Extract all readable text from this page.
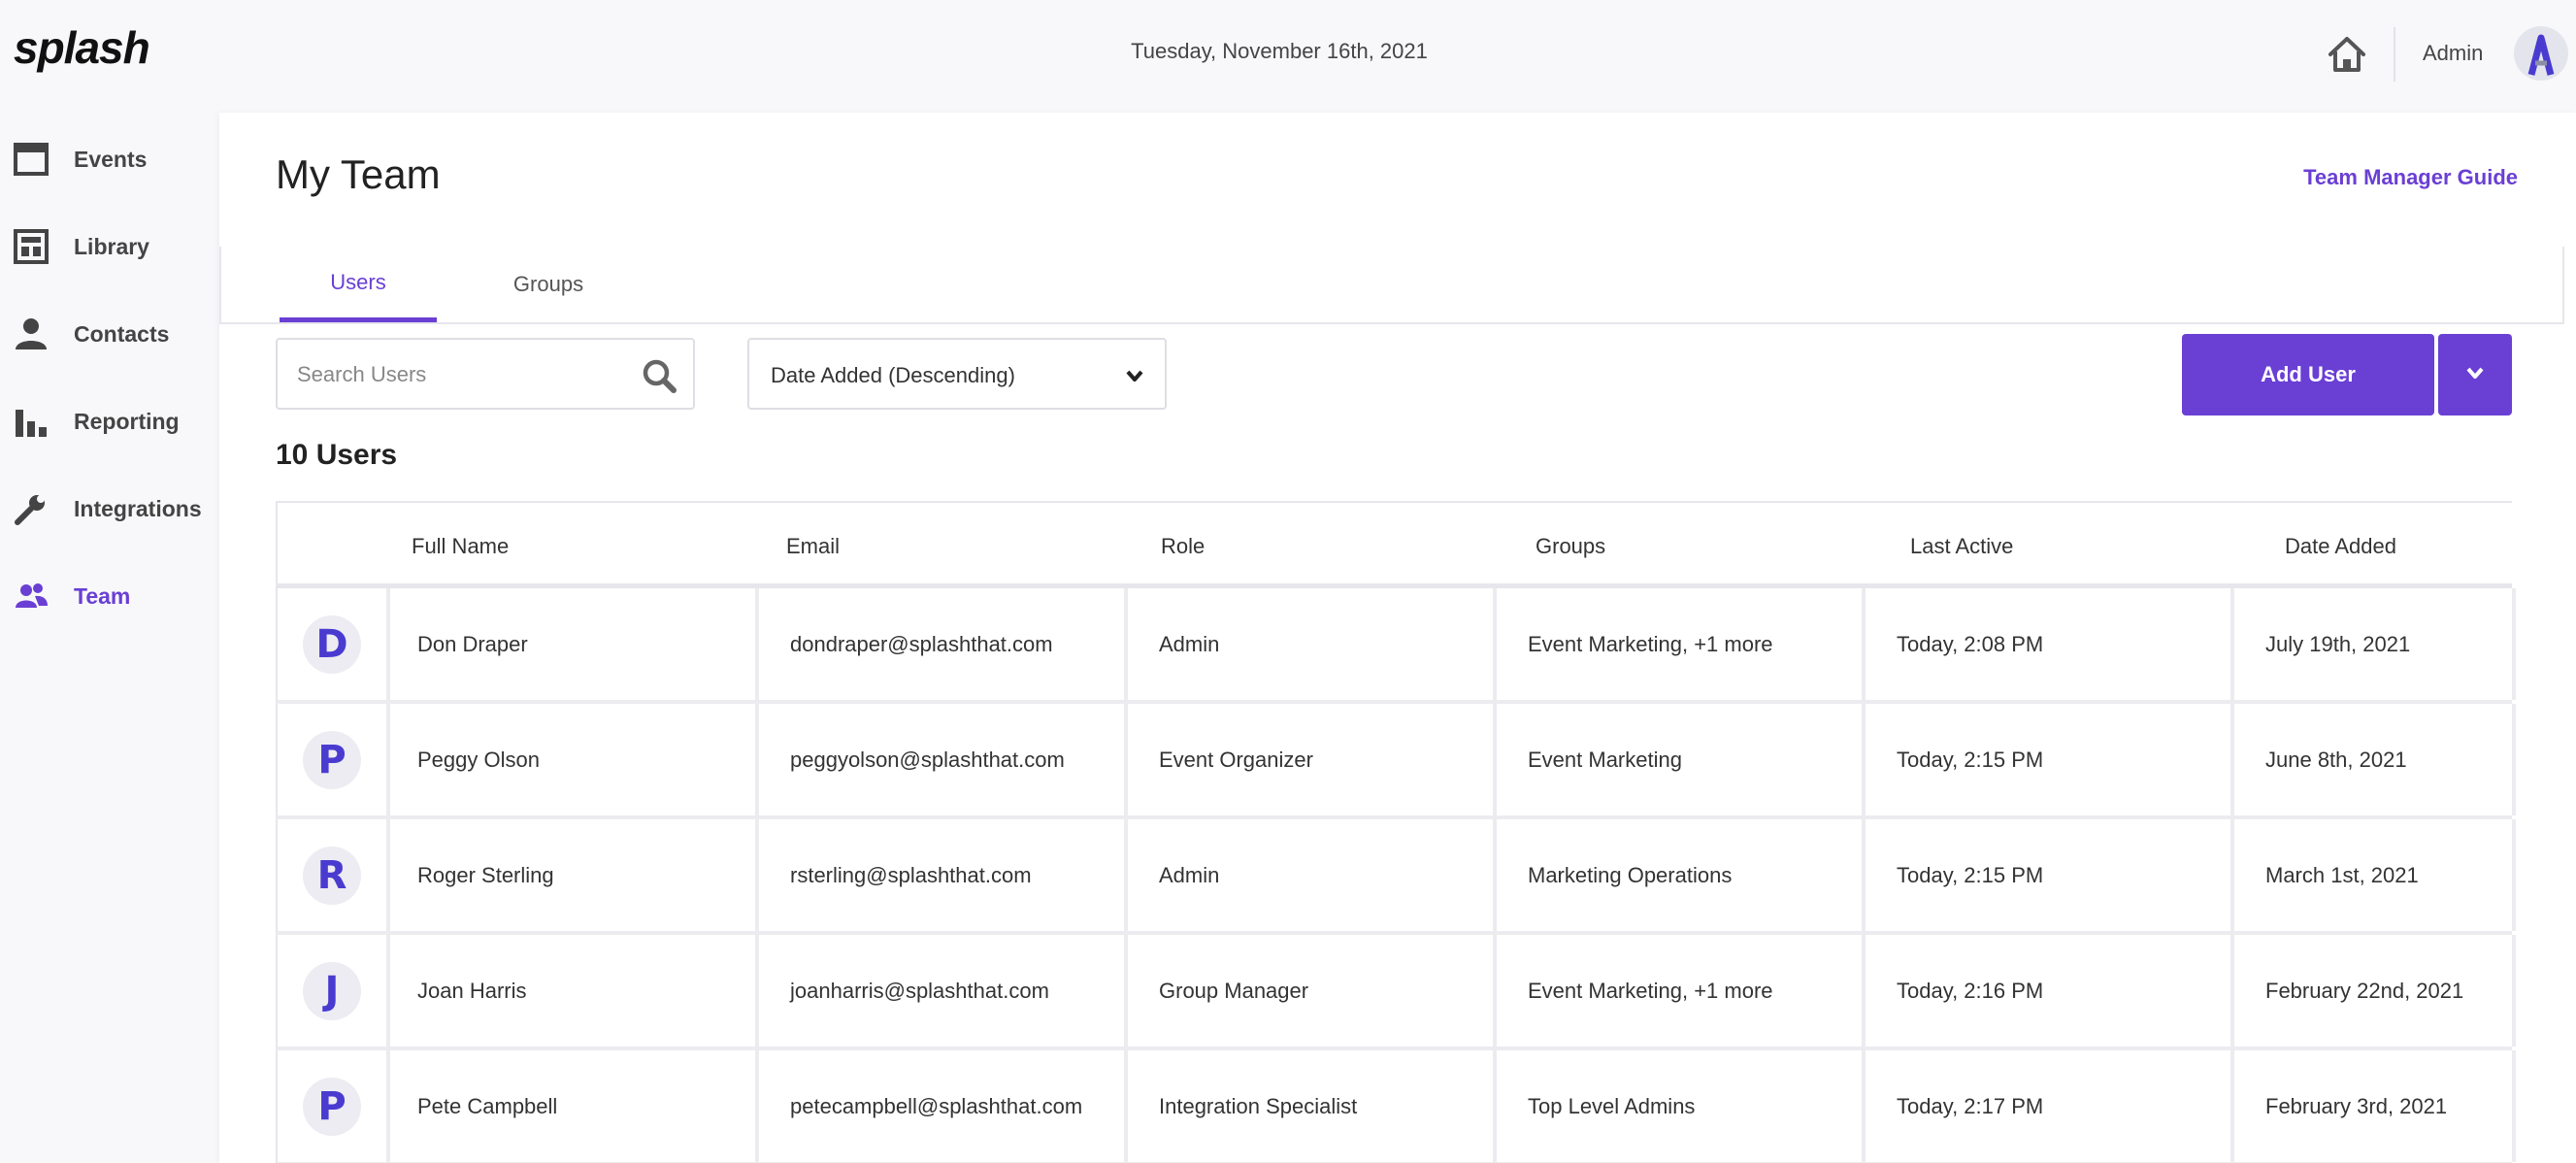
splash	Tuesday, November 16th, 2021	Admin
Events
Library
Contacts
Reporting
Integrations
Team
My Team	Team Manager Guide
Users	Groups
Search Users
Date Added (Descending)	Add User
10 Users
Full Name	Email	Role	Groups	Last Active	Date Added
D	Don Draper	dondraper@splashthat.com	Admin	Event Marketing, +1 more	Today, 2:08 PM	July 19th, 2021
P	Peggy Olson	peggyolson@splashthat.com	Event Organizer	Event Marketing	Today, 2:15 PM	June 8th, 2021
R	Roger Sterling	rsterling@splashthat.com	Admin	Marketing Operations	Today, 2:15 PM	March 1st, 2021
J	Joan Harris	joanharris@splashthat.com	Group Manager	Event Marketing, +1 more	Today, 2:16 PM	February 22nd, 2021
P	Pete Campbell	petecampbell@splashthat.com	Integration Specialist	Top Level Admins	Today, 2:17 PM	February 3rd, 2021
